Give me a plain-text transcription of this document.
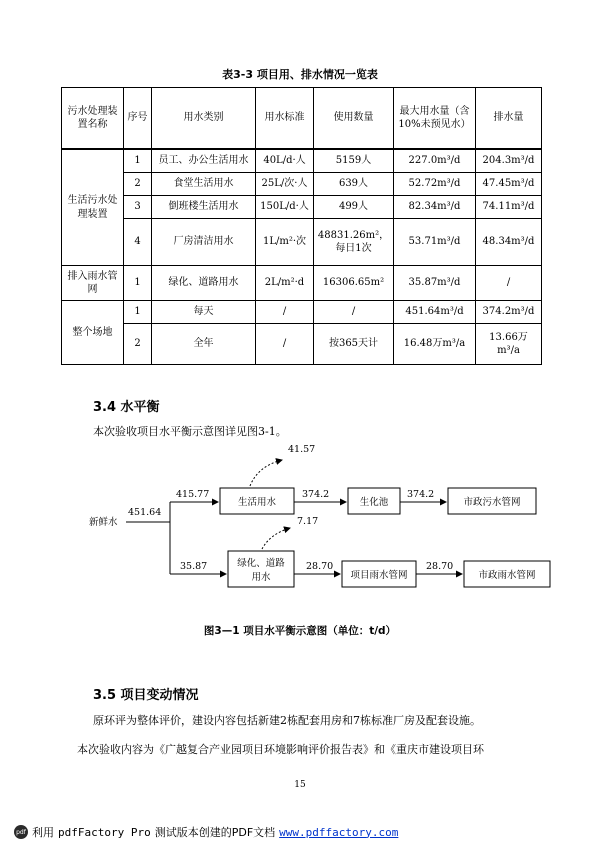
表3-3 项目用、排水情况一览表
污水处理装置名称	序号	用水类别	用水标准	使用数量	最大用水量（含10%未预见水）	排水量
生活污水处理装置	1	员工、办公生活用水	40L/d·人	5159人	227.0m³/d	204.3m³/d
	2	食堂生活用水	25L/次·人	639人	52.72m³/d	47.45m³/d
	3	倒班楼生活用水	150L/d·人	499人	82.34m³/d	74.11m³/d
	4	厂房清洁用水	1L/m²·次	48831.26m²，每日1次	53.71m³/d	48.34m³/d
排入雨水管网	1	绿化、道路用水	2L/m²·d	16306.65m²	35.87m³/d	/
整个场地	1	每天	/	/	451.64m³/d	374.2m³/d
	2	全年	/	按365天计	16.48万m³/a	13.66万m³/a
3.4 水平衡
本次验收项目水平衡示意图详见图3-1。
新鲜水
451.64
415.77
生活用水
41.57
374.2
生化池
374.2
市政污水管网
35.87	绿化、道路
用水
7.17
28.70
项目雨水管网
28.70
市政雨水管网
图3—1 项目水平衡示意图（单位：t/d）
3.5 项目变动情况
原环评为整体评价，建设内容包括新建2栋配套用房和7栋标准厂房及配套设施。
本次验收内容为《广越复合产业园项目环境影响评价报告表》和《重庆市建设项目环
15
pdf 利用 pdfFactory Pro 测试版本创建的PDF文档 www.pdffactory.com
